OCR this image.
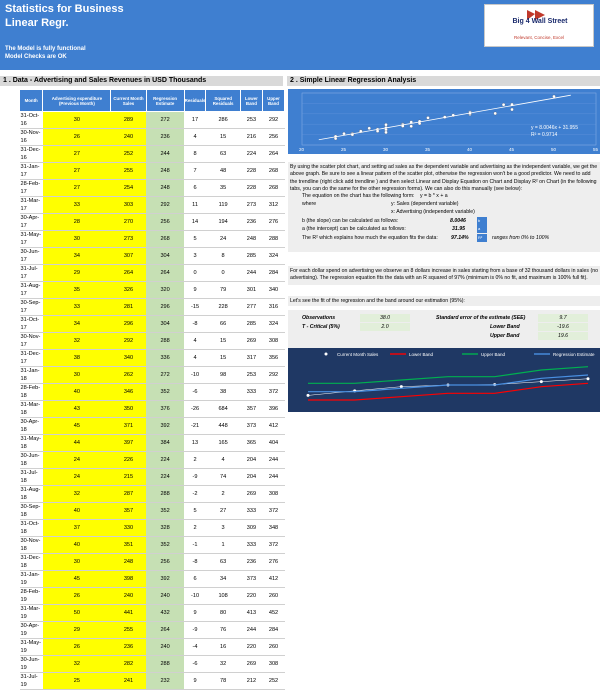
Statistics for Business
Linear Regr.
The Model is fully functional
Model Checks are OK
Big 4 Wall Street
Relevant, Concise, Excel
1 . Data - Advertising and Sales Revenues in USD Thousands	2 . Simple Linear Regression Analysis
Month	Advertising expenditure (Previous Month)	Current Month Sales	Regression Estimate	Residuals	Squared Residuals	Lower Band	Upper Band
31-Oct-16	30	289	272	17	286	253	292
30-Nov-16	26	240	236	4	15	216	256
31-Dec-16	27	252	244	8	63	224	264
31-Jan-17	27	255	248	7	48	228	268
28-Feb-17	27	254	248	6	35	228	268
31-Mar-17	33	303	292	11	119	273	312
30-Apr-17	28	270	256	14	194	236	276
31-May-17	30	273	268	5	24	248	288
30-Jun-17	34	307	304	3	8	285	324
31-Jul-17	29	264	264	0	0	244	284
31-Aug-17	35	326	320	9	79	301	340
30-Sep-17	33	281	296	-15	228	277	316
31-Oct-17	34	296	304	-8	66	285	324
30-Nov-17	32	292	288	4	15	269	308
31-Dec-17	38	340	336	4	15	317	356
31-Jan-18	30	262	272	-10	98	253	292
28-Feb-18	40	346	352	-6	38	333	372
31-Mar-18	43	350	376	-26	684	357	396
30-Apr-18	45	371	392	-21	448	373	412
31-May-18	44	397	384	13	165	365	404
30-Jun-18	24	226	224	2	4	204	244
31-Jul-18	24	215	224	-9	74	204	244
31-Aug-18	32	287	288	-2	2	269	308
30-Sep-18	40	357	352	5	27	333	372
31-Oct-18	37	330	328	2	3	309	348
30-Nov-18	40	351	352	-1	1	333	372
31-Dec-18	30	248	256	-8	63	236	276
31-Jan-19	45	398	392	6	34	373	412
28-Feb-19	26	240	240	-10	108	220	260
31-Mar-19	50	441	432	9	80	413	452
30-Apr-19	29	255	264	-9	76	244	284
31-May-19	26	236	240	-4	16	220	260
30-Jun-19	32	282	288	-6	32	269	308
31-Jul-19	25	241	232	9	78	212	252
y = 8.0046x + 31.955
R² = 0.9714
20	25	30	35	40	45	50	55
By using the scatter plot chart, and setting ad sales as the dependent variable and advertising as the independent variable, we get the above graph. Be sure to see a linear pattern of the scatter plot, otherwise the regression won't be a good predictor. We need to add the trendline (right click add trendline ) and then select Linear and Display Equation on Chart and Display R² on Chart (in the following tabs, you can do the same for the other regression forms). We can also do this manually (see below):
The equation on the chart has the following form: y = b * x + a
where	y: Sales (dependent variable)
x: Advertising (independent variable)
b (the slope) can be calculated as follows:	8.0046	b
a (the intercept) can be calculated as follows:	31.95	a
The R² which explains how much the equation fits the data:	97.14% R² ranges from 0% to 100%
For each dollar spend on advertising we observe an 8 dollars increase in sales starting from a base of 32 thousand dollars in sales (no advertising). The regression equation fits the data with an R squared of 97% (minimum is 0% no fit, and maximum is 100% full fit).
Let's see the fit of the regression and the band around our estimation (95%):
Observations	38.0
T - Critical (5%)	2.0
Standard error of the estimate (SEE)	9.7
Lower Band	-19.6
Upper Band	19.6
Current Month Sales	Lower Band	Upper Band	Regression Estimate
